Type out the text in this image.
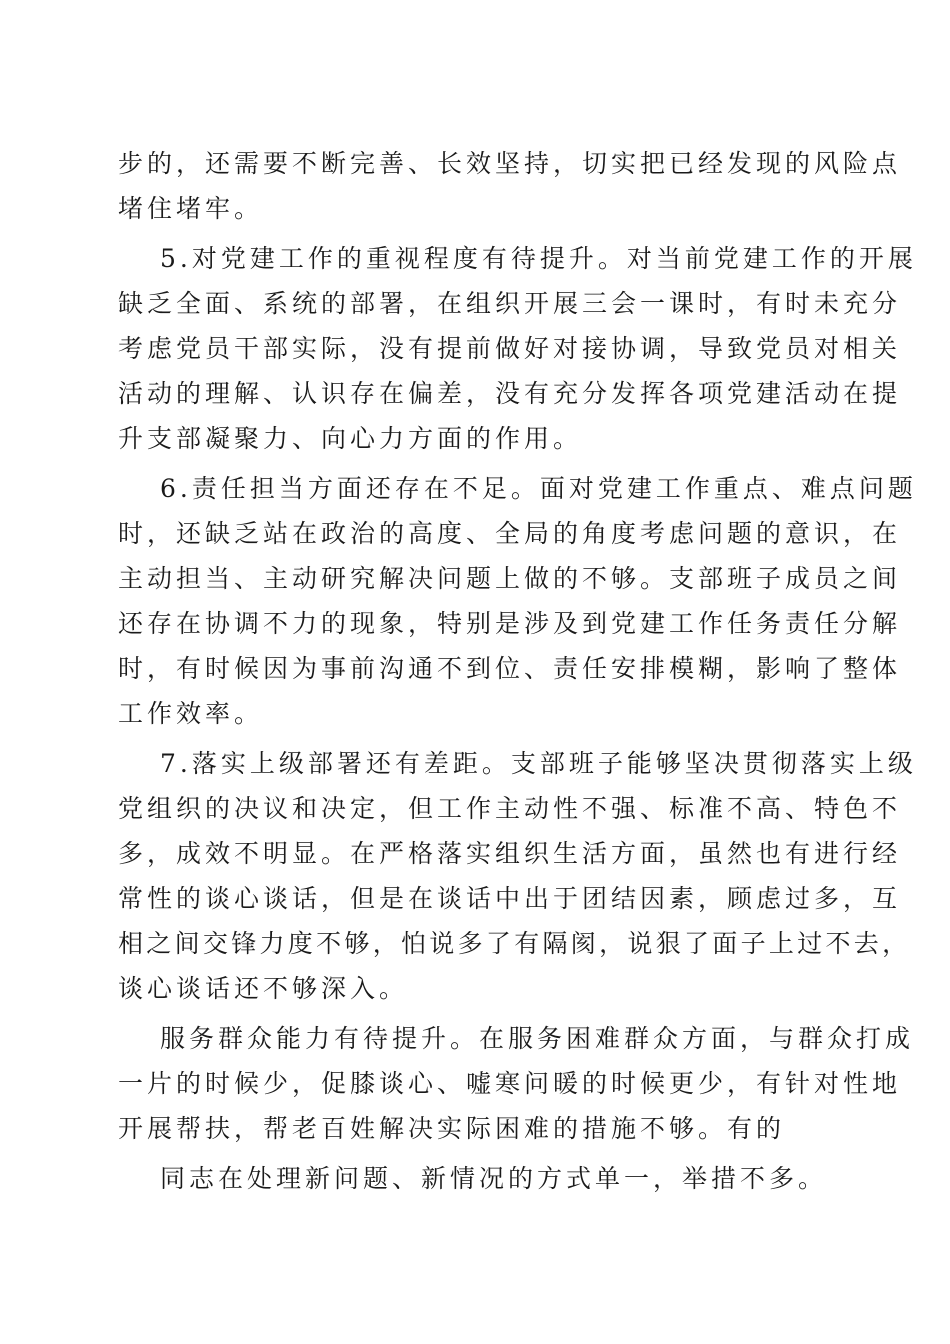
步的，还需要不断完善、长效坚持，切实把已经发现的风险点
堵住堵牢。
5.对党建工作的重视程度有待提升。对当前党建工作的开展
缺乏全面、系统的部署，在组织开展三会一课时，有时未充分
考虑党员干部实际，没有提前做好对接协调，导致党员对相关
活动的理解、认识存在偏差，没有充分发挥各项党建活动在提
升支部凝聚力、向心力方面的作用。
6.责任担当方面还存在不足。面对党建工作重点、难点问题
时，还缺乏站在政治的高度、全局的角度考虑问题的意识，在
主动担当、主动研究解决问题上做的不够。支部班子成员之间
还存在协调不力的现象，特别是涉及到党建工作任务责任分解
时，有时候因为事前沟通不到位、责任安排模糊，影响了整体
工作效率。
7.落实上级部署还有差距。支部班子能够坚决贯彻落实上级
党组织的决议和决定，但工作主动性不强、标准不高、特色不
多，成效不明显。在严格落实组织生活方面，虽然也有进行经
常性的谈心谈话，但是在谈话中出于团结因素，顾虑过多，互
相之间交锋力度不够，怕说多了有隔阂，说狠了面子上过不去，
谈心谈话还不够深入。
服务群众能力有待提升。在服务困难群众方面，与群众打成
一片的时候少，促膝谈心、嘘寒问暖的时候更少，有针对性地
开展帮扶，帮老百姓解决实际困难的措施不够。有的
同志在处理新问题、新情况的方式单一，举措不多。
